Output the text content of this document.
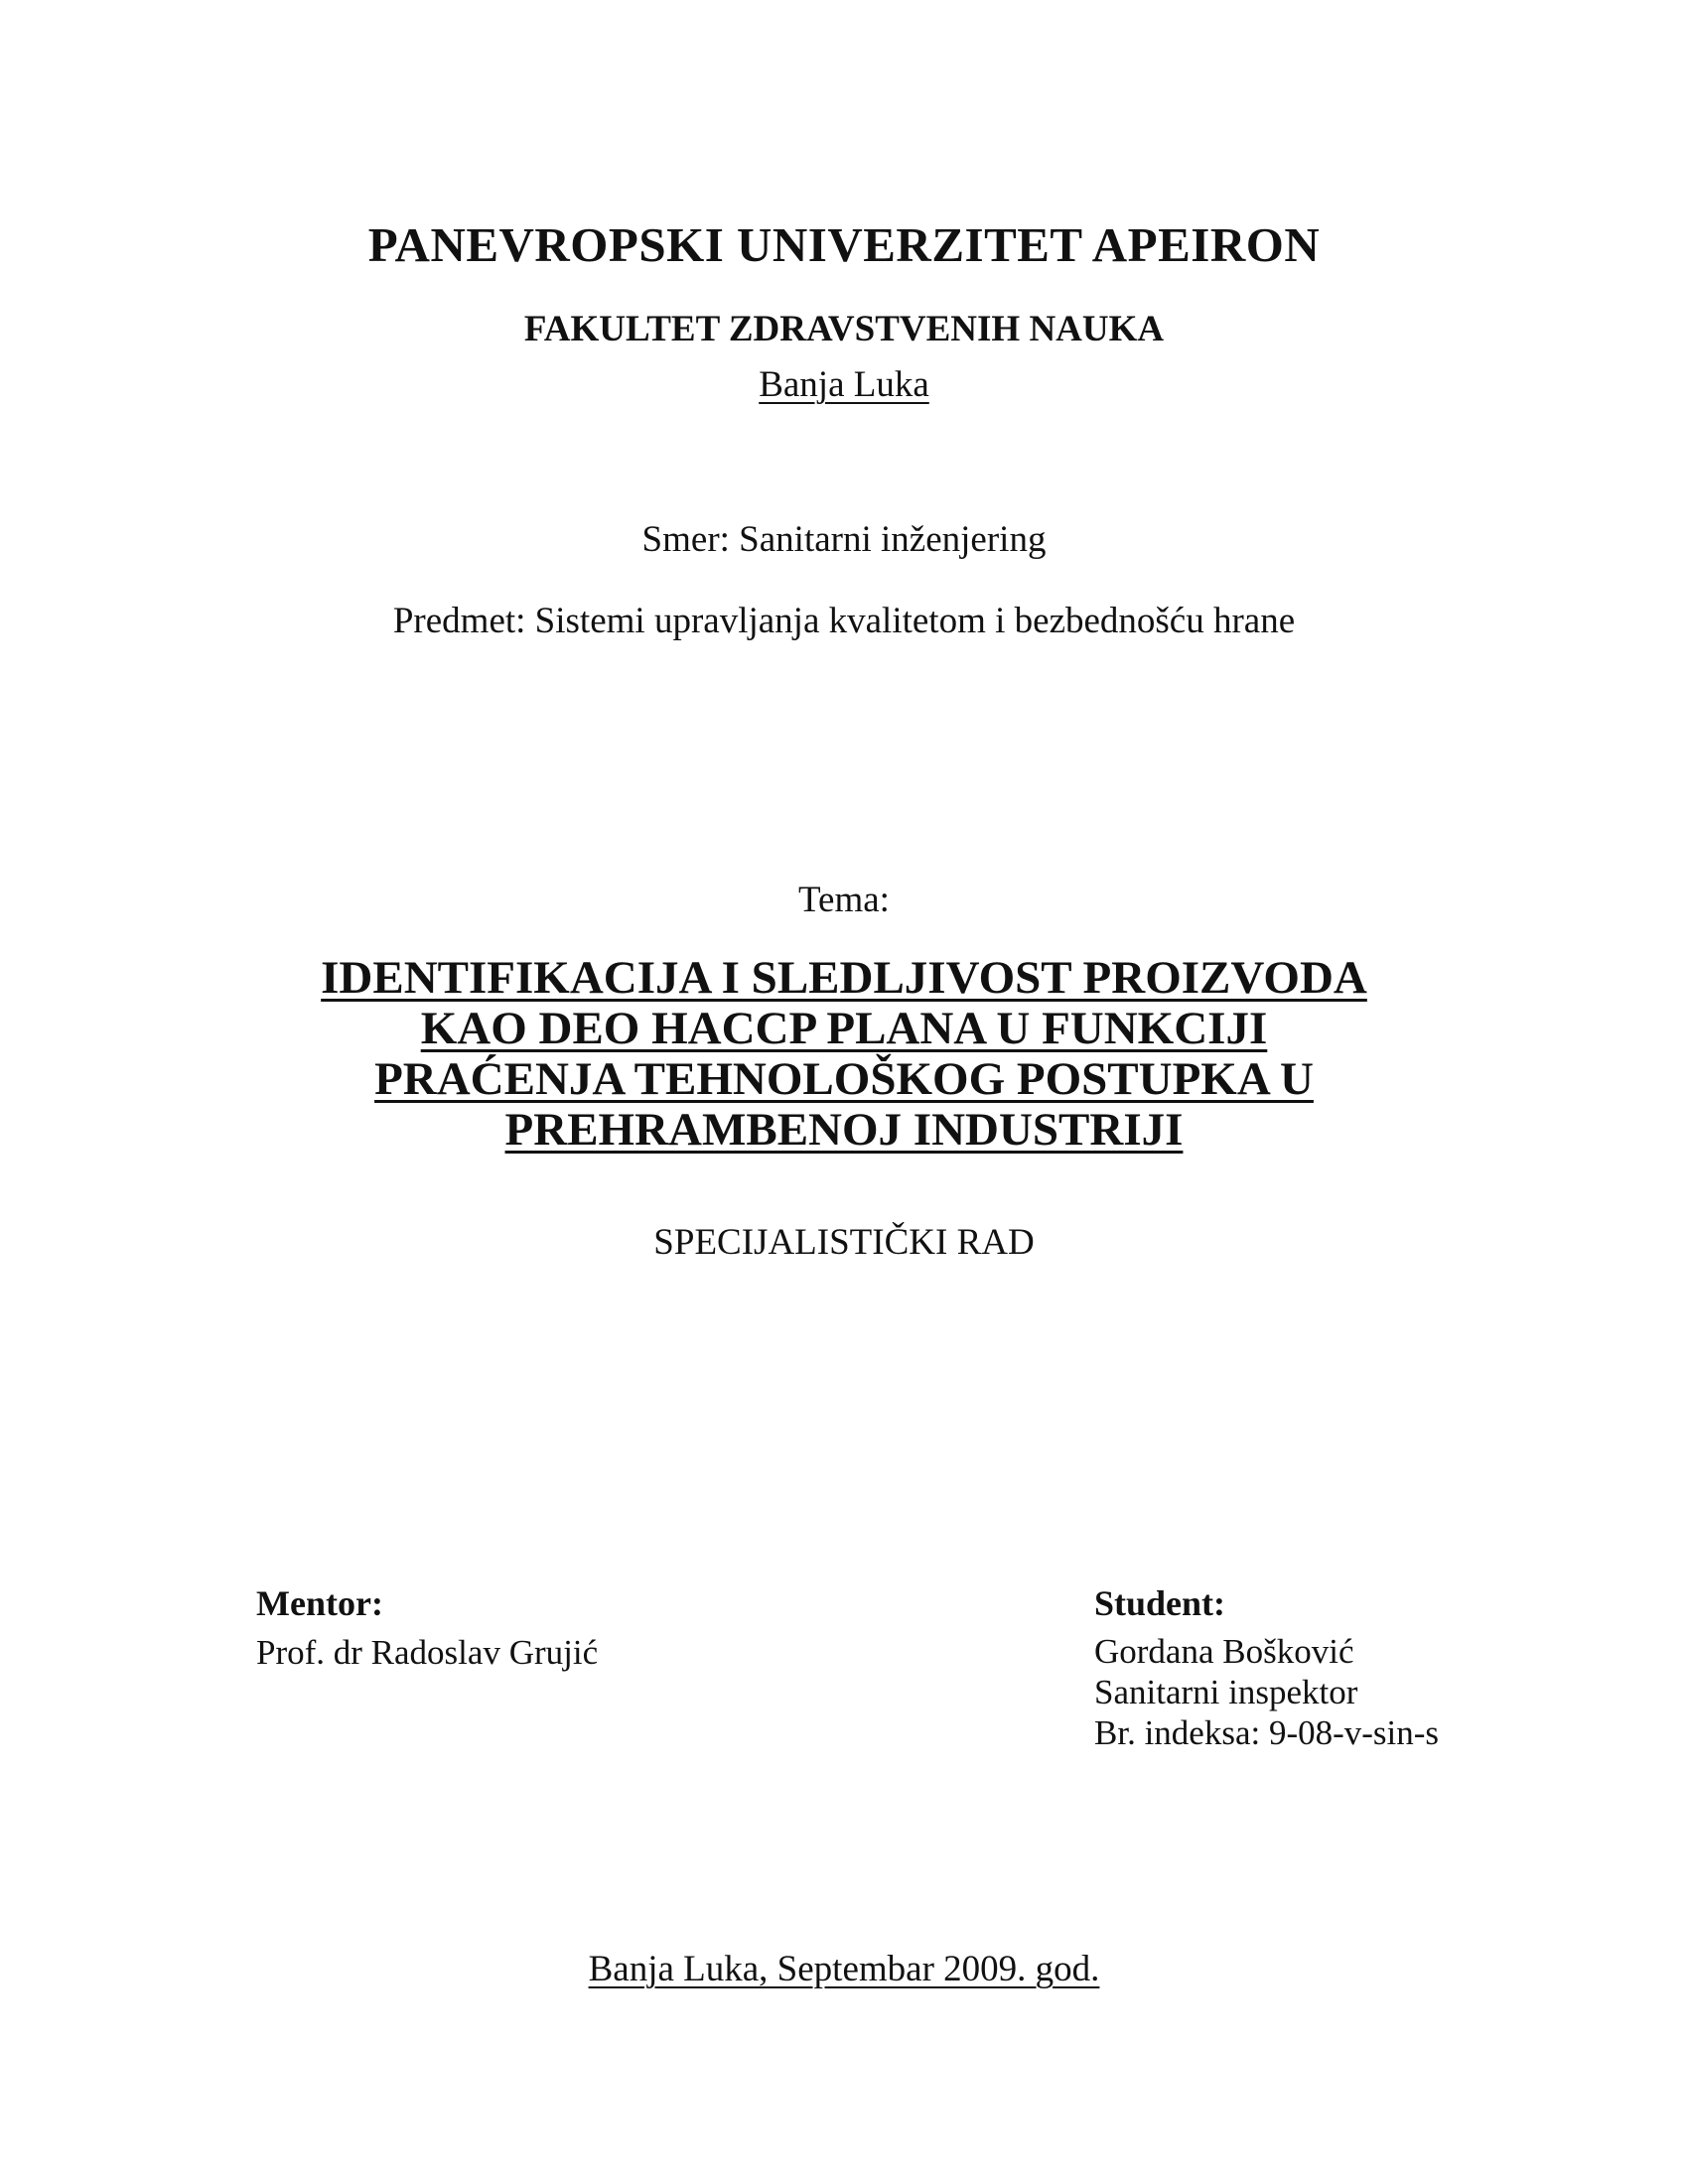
PANEVROPSKI UNIVERZITET APEIRON
FAKULTET ZDRAVSTVENIH NAUKA
Banja Luka
Smer: Sanitarni inženjering
Predmet: Sistemi upravljanja kvalitetom i bezbednošću hrane
Tema:
IDENTIFIKACIJA I SLEDLJIVOST PROIZVODA
KAO DEO HACCP PLANA U FUNKCIJI
PRAĆENJA TEHNOLOŠKOG POSTUPKA U
PREHRAMBENOJ INDUSTRIJI
SPECIJALISTIČKI RAD
Mentor:
Prof. dr Radoslav Grujić
Student:
Gordana Bošković
Sanitarni inspektor
Br. indeksa: 9-08-v-sin-s
Banja Luka, Septembar 2009. god.
